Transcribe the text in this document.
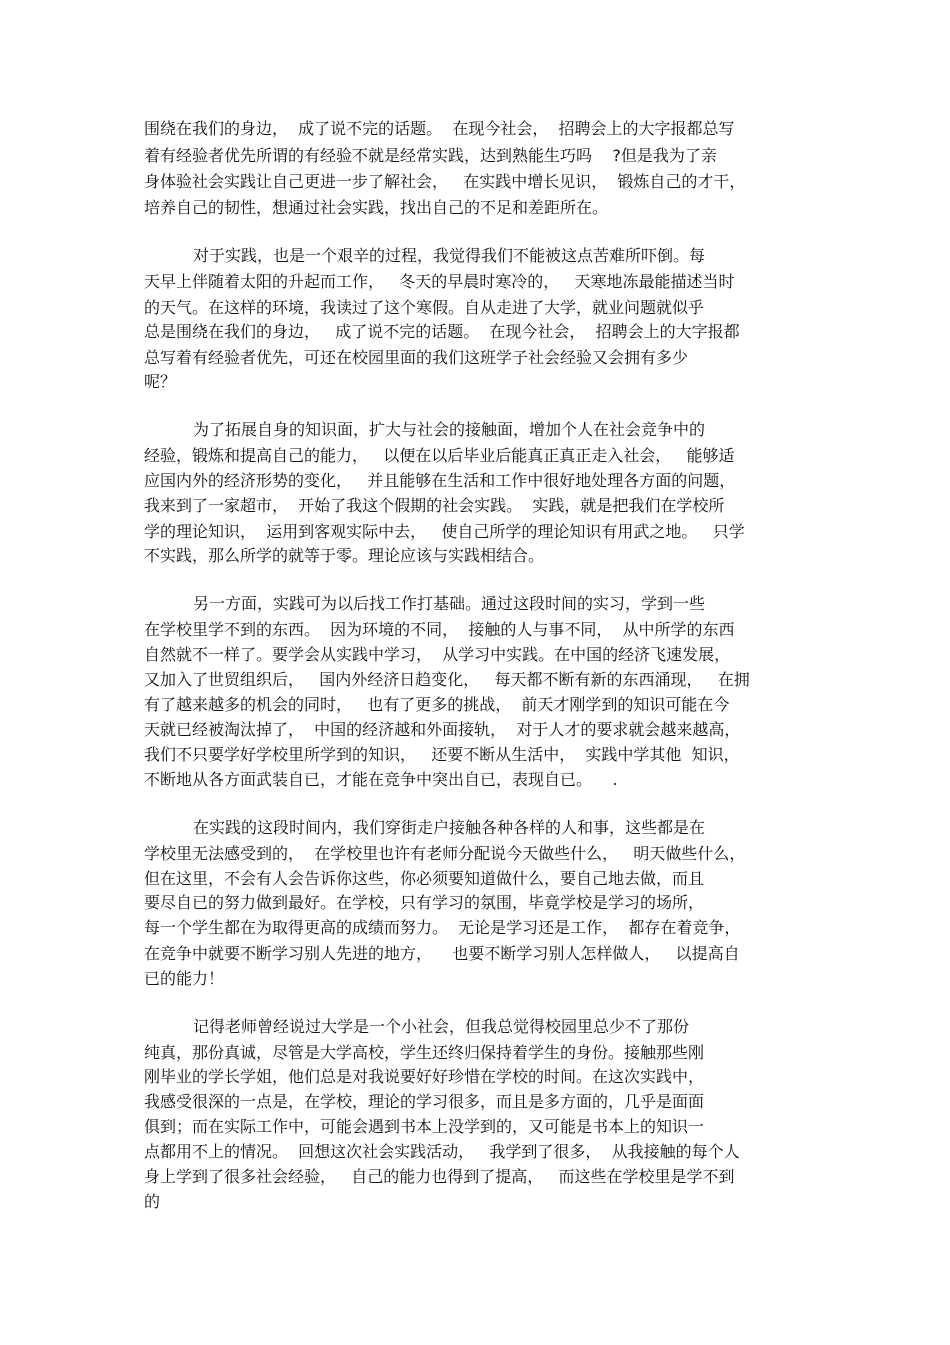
围绕在我们的身边，  成了说不完的话题。  在现今社会，  招聘会上的大字报都总写
着有经验者优先所谓的有经验不就是经常实践，达到熟能生巧吗    ?但是我为了亲
身体验社会实践让自己更进一步了解社会，   在实践中增长见识，  锻炼自己的才干，
培养自己的韧性，想通过社会实践，找出自己的不足和差距所在。
对于实践，也是一个艰辛的过程，我觉得我们不能被这点苦难所吓倒。每
天早上伴随着太阳的升起而工作，   冬天的早晨时寒冷的，   天寒地冻最能描述当时
的天气。在这样的环境，我读过了这个寒假。自从走进了大学，就业问题就似乎
总是围绕在我们的身边，   成了说不完的话题。  在现今社会，  招聘会上的大字报都
总写着有经验者优先，可还在校园里面的我们这班学子社会经验又会拥有多少
呢？
为了拓展自身的知识面，扩大与社会的接触面，增加个人在社会竞争中的
经验，锻炼和提高自己的能力，   以便在以后毕业后能真正真正走入社会，   能够适
应国内外的经济形势的变化，   并且能够在生活和工作中很好地处理各方面的问题，
我来到了一家超市，  开始了我这个假期的社会实践。  实践，就是把我们在学校所
学的理论知识，  运用到客观实际中去，   使自己所学的理论知识有用武之地。   只学
不实践，那么所学的就等于零。理论应该与实践相结合。
另一方面，实践可为以后找工作打基础。通过这段时间的实习，学到一些
在学校里学不到的东西。  因为环境的不同，  接触的人与事不同，  从中所学的东西
自然就不一样了。要学会从实践中学习，  从学习中实践。在中国的经济飞速发展，
又加入了世贸组织后，   国内外经济日趋变化，   每天都不断有新的东西涌现，   在拥
有了越来越多的机会的同时，   也有了更多的挑战，  前天才刚学到的知识可能在今
天就已经被淘汰掉了，  中国的经济越和外面接轨，  对于人才的要求就会越来越高，
我们不只要学好学校里所学到的知识，   还要不断从生活中，  实践中学其他  知识，
不断地从各方面武装自已，才能在竞争中突出自已，表现自已。    .
在实践的这段时间内，我们穿街走户接触各种各样的人和事，这些都是在
学校里无法感受到的，  在学校里也许有老师分配说今天做些什么，   明天做些什么，
但在这里，不会有人会告诉你这些，你必须要知道做什么，要自己地去做，而且
要尽自已的努力做到最好。在学校，只有学习的氛围，毕竟学校是学习的场所，
每一个学生都在为取得更高的成绩而努力。  无论是学习还是工作，  都存在着竞争，
在竞争中就要不断学习别人先进的地方，    也要不断学习别人怎样做人，   以提高自
已的能力！
记得老师曾经说过大学是一个小社会，但我总觉得校园里总少不了那份
纯真，那份真诚，尽管是大学高校，学生还终归保持着学生的身份。接触那些刚
刚毕业的学长学姐，他们总是对我说要好好珍惜在学校的时间。在这次实践中，
我感受很深的一点是，在学校，理论的学习很多，而且是多方面的，几乎是面面
俱到；而在实际工作中，可能会遇到书本上没学到的，又可能是书本上的知识一
点都用不上的情况。  回想这次社会实践活动，   我学到了很多，  从我接触的每个人
身上学到了很多社会经验，   自己的能力也得到了提高，   而这些在学校里是学不到
的
